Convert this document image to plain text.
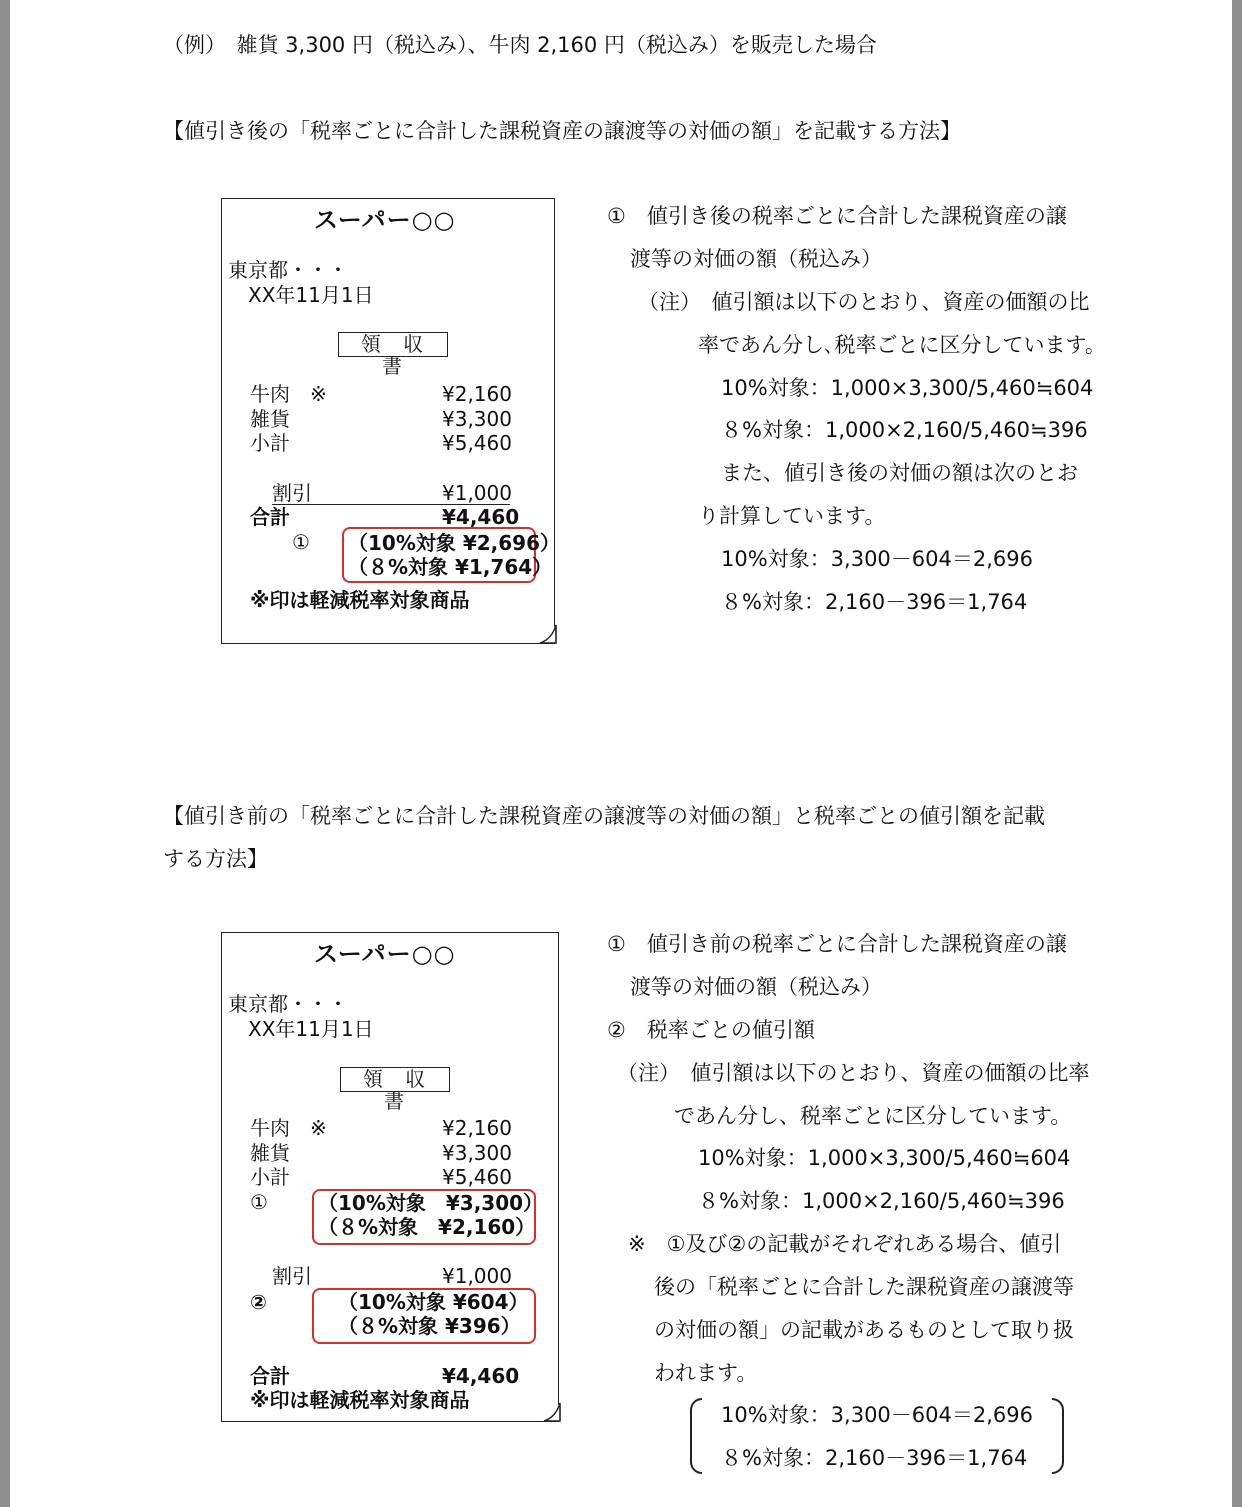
（例）　雑貨 3,300 円（税込み）、牛肉 2,160 円（税込み）を販売した場合
【値引き後の「税率ごとに合計した課税資産の譲渡等の対価の額」を記載する方法】
スーパー○○
東京都・・・
XX年11月1日
領 収 書
牛肉　※	¥2,160
雑貨	¥3,300
小計	¥5,460
割引	¥1,000
合計	¥4,460
① （10%対象 ¥2,696）
（８%対象 ¥1,764）
※印は軽減税率対象商品
①　値引き後の税率ごとに合計した課税資産の譲
渡等の対価の額（税込み）
（注）　値引額は以下のとおり、資産の価額の比
率であん分し､税率ごとに区分しています。
10%対象：1,000×3,300/5,460≒604
８%対象：1,000×2,160/5,460≒396
また、値引き後の対価の額は次のとお
り計算しています。
10%対象：3,300－604＝2,696
８%対象：2,160－396＝1,764
【値引き前の「税率ごとに合計した課税資産の譲渡等の対価の額」と税率ごとの値引額を記載
する方法】
スーパー○○
東京都・・・
XX年11月1日
領 収 書
牛肉　※	¥2,160
雑貨	¥3,300
小計	¥5,460
①	（10%対象　¥3,300）
（８%対象　¥2,160）
割引	¥1,000
②	（10%対象 ¥604）
（８%対象 ¥396）
合計	¥4,460
※印は軽減税率対象商品
①　値引き前の税率ごとに合計した課税資産の譲
渡等の対価の額（税込み）
②　税率ごとの値引額
（注）　値引額は以下のとおり、資産の価額の比率
であん分し、税率ごとに区分しています。
10%対象：1,000×3,300/5,460≒604
８%対象：1,000×2,160/5,460≒396
※　①及び②の記載がそれぞれある場合、値引
後の「税率ごとに合計した課税資産の譲渡等
の対価の額」の記載があるものとして取り扱
われます。
10%対象：3,300－604＝2,696
８%対象：2,160－396＝1,764
